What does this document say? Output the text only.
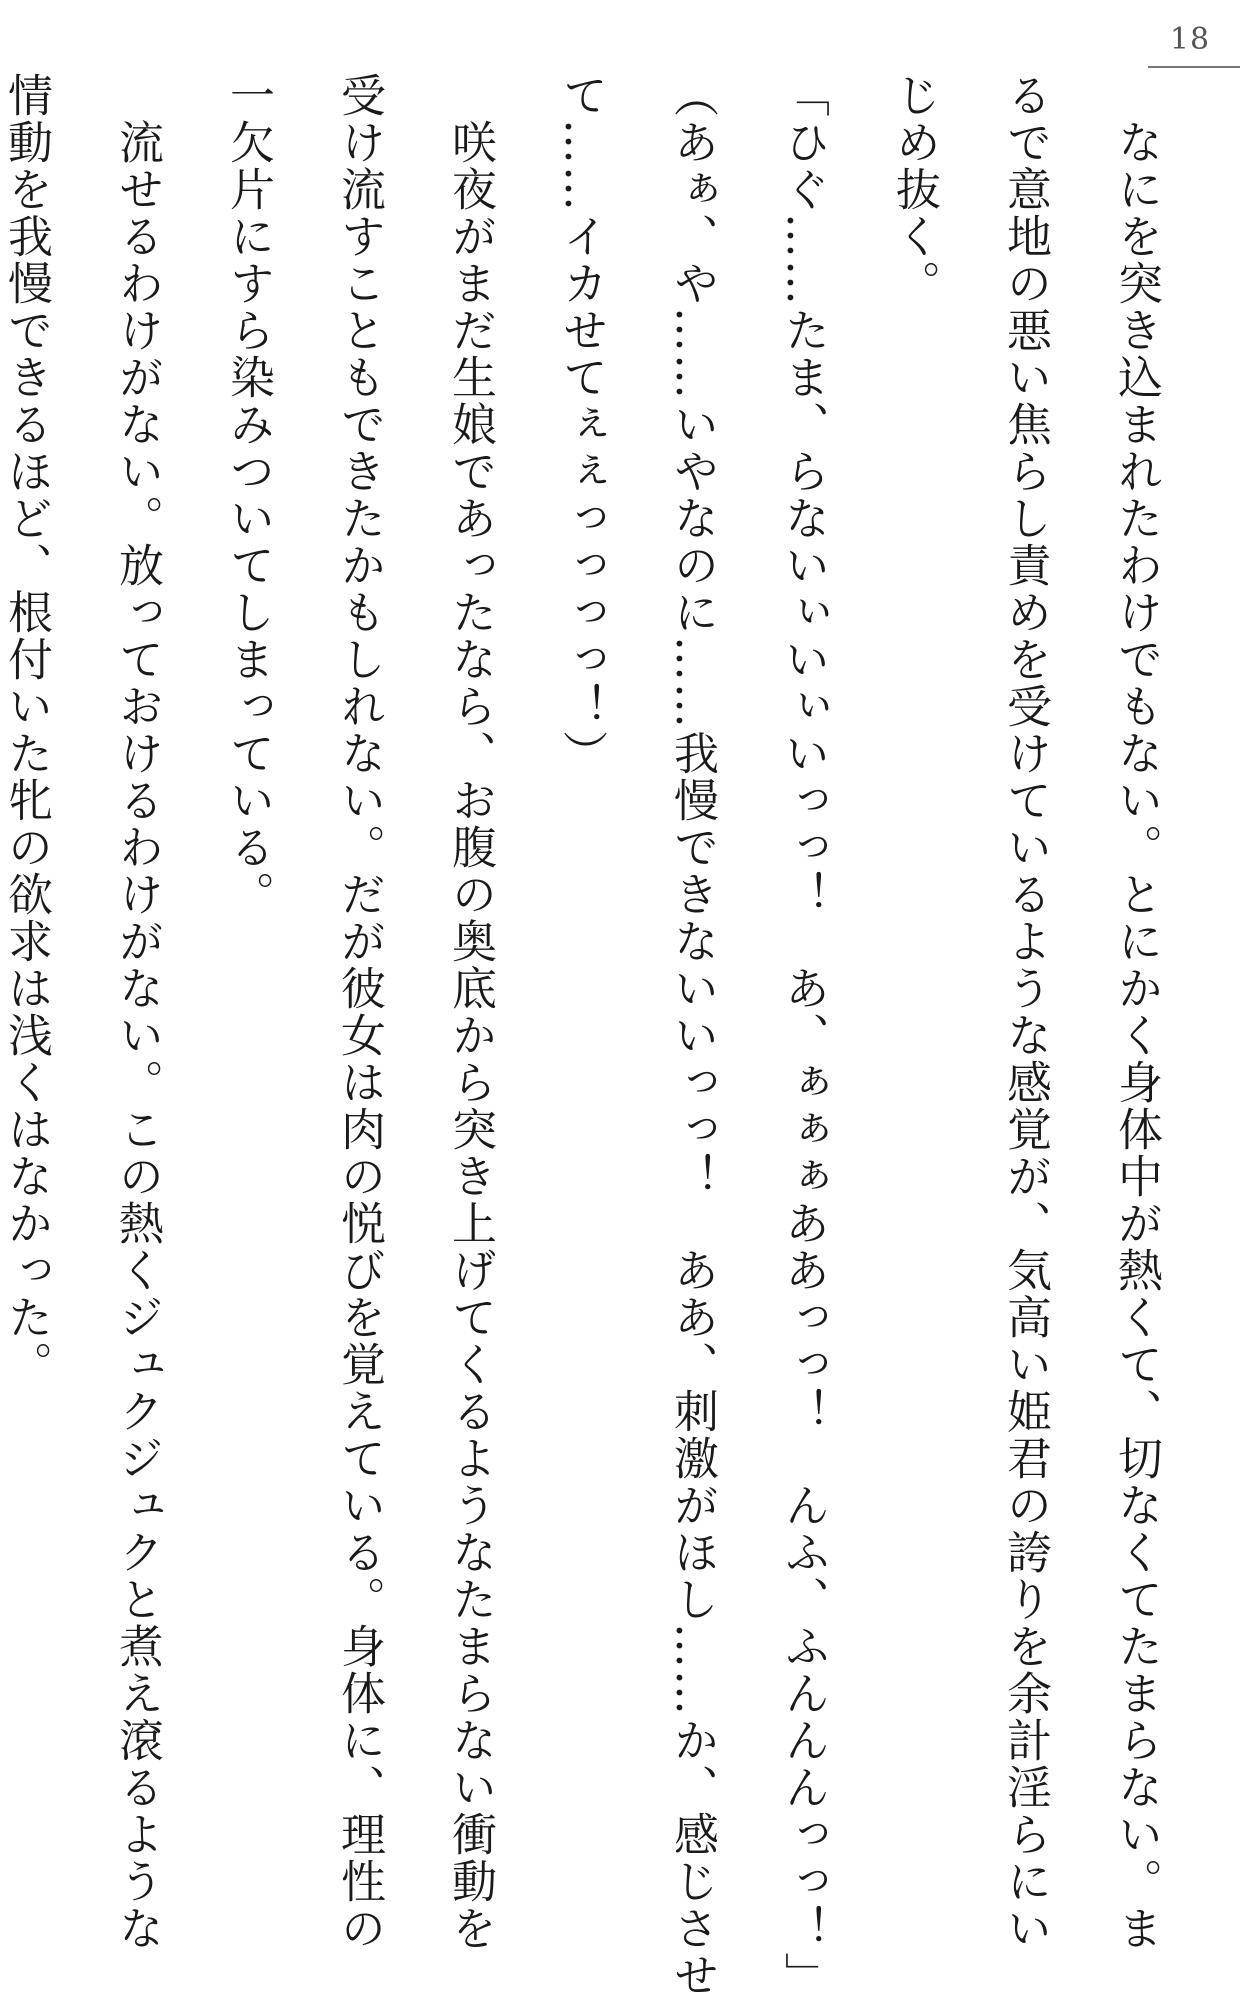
18

　なにを突き込まれたわけでもない。とにかく身体中が熱くて、切なくてたまらない。ま

るで意地の悪い焦らし責めを受けているような感覚が、気高い姫君の誇りを余計淫らにい

じめ抜く。

「ひぐ……たま、らないぃいぃいっっ！　あ、ぁぁぁああっっ！　んふ、ふんんんっっ！」

（あぁ、や……いやなのに……我慢できないいっっ！　ああ、刺激がほし……か、感じさせ

て……イカせてぇぇっっっっ！）

　咲夜がまだ生娘であったなら、お腹の奥底から突き上げてくるようなたまらない衝動を

受け流すこともできたかもしれない。だが彼女は肉の悦びを覚えている。身体に、理性の

一欠片にすら染みついてしまっている。

　流せるわけがない。放っておけるわけがない。この熱くジュクジュクと煮え滾るような

情動を我慢できるほど、根付いた牝の欲求は浅くはなかった。
